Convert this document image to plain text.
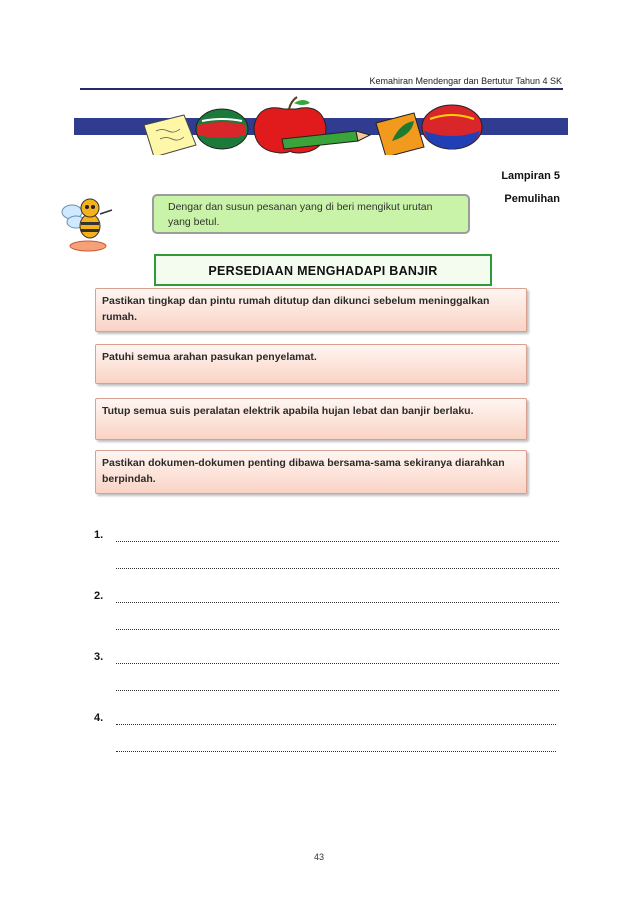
Kemahiran Mendengar dan Bertutur Tahun 4 SK
Lampiran 5
Pemulihan
Dengar dan susun pesanan yang di beri mengikut urutan yang betul.
PERSEDIAAN MENGHADAPI BANJIR
Pastikan tingkap dan pintu rumah ditutup dan dikunci sebelum meninggalkan rumah.
Patuhi semua arahan pasukan penyelamat.
Tutup semua suis peralatan elektrik apabila hujan lebat dan banjir berlaku.
Pastikan dokumen-dokumen penting dibawa bersama-sama sekiranya diarahkan berpindah.
1.
2.
3.
4.
43
